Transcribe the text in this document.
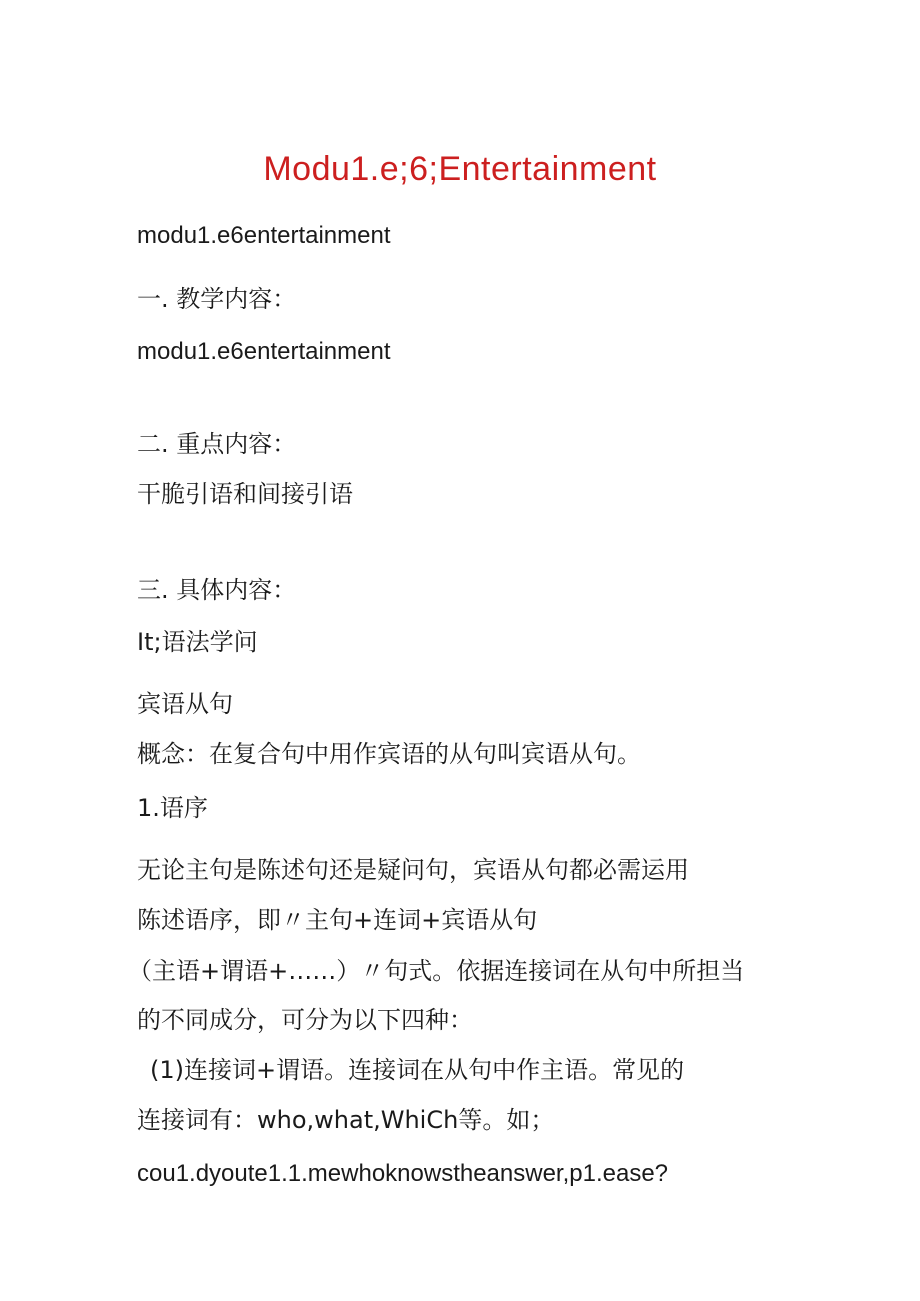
Modu1.e;6;Entertainment
modu1.e6entertainment
一. 教学内容：
modu1.e6entertainment
二. 重点内容：
干脆引语和间接引语
三. 具体内容：
It;语法学问
宾语从句
概念：在复合句中用作宾语的从句叫宾语从句。
1.语序
无论主句是陈述句还是疑问句，宾语从句都必需运用
陈述语序，即〃主句+连词+宾语从句
（主语+谓语+……）〃句式。依据连接词在从句中所担当
的不同成分，可分为以下四种：
(1)连接词+谓语。连接词在从句中作主语。常见的
连接词有：who,what,WhiCh等。如；
cou1.dyoute1.1.mewhoknowstheanswer,p1.ease?
